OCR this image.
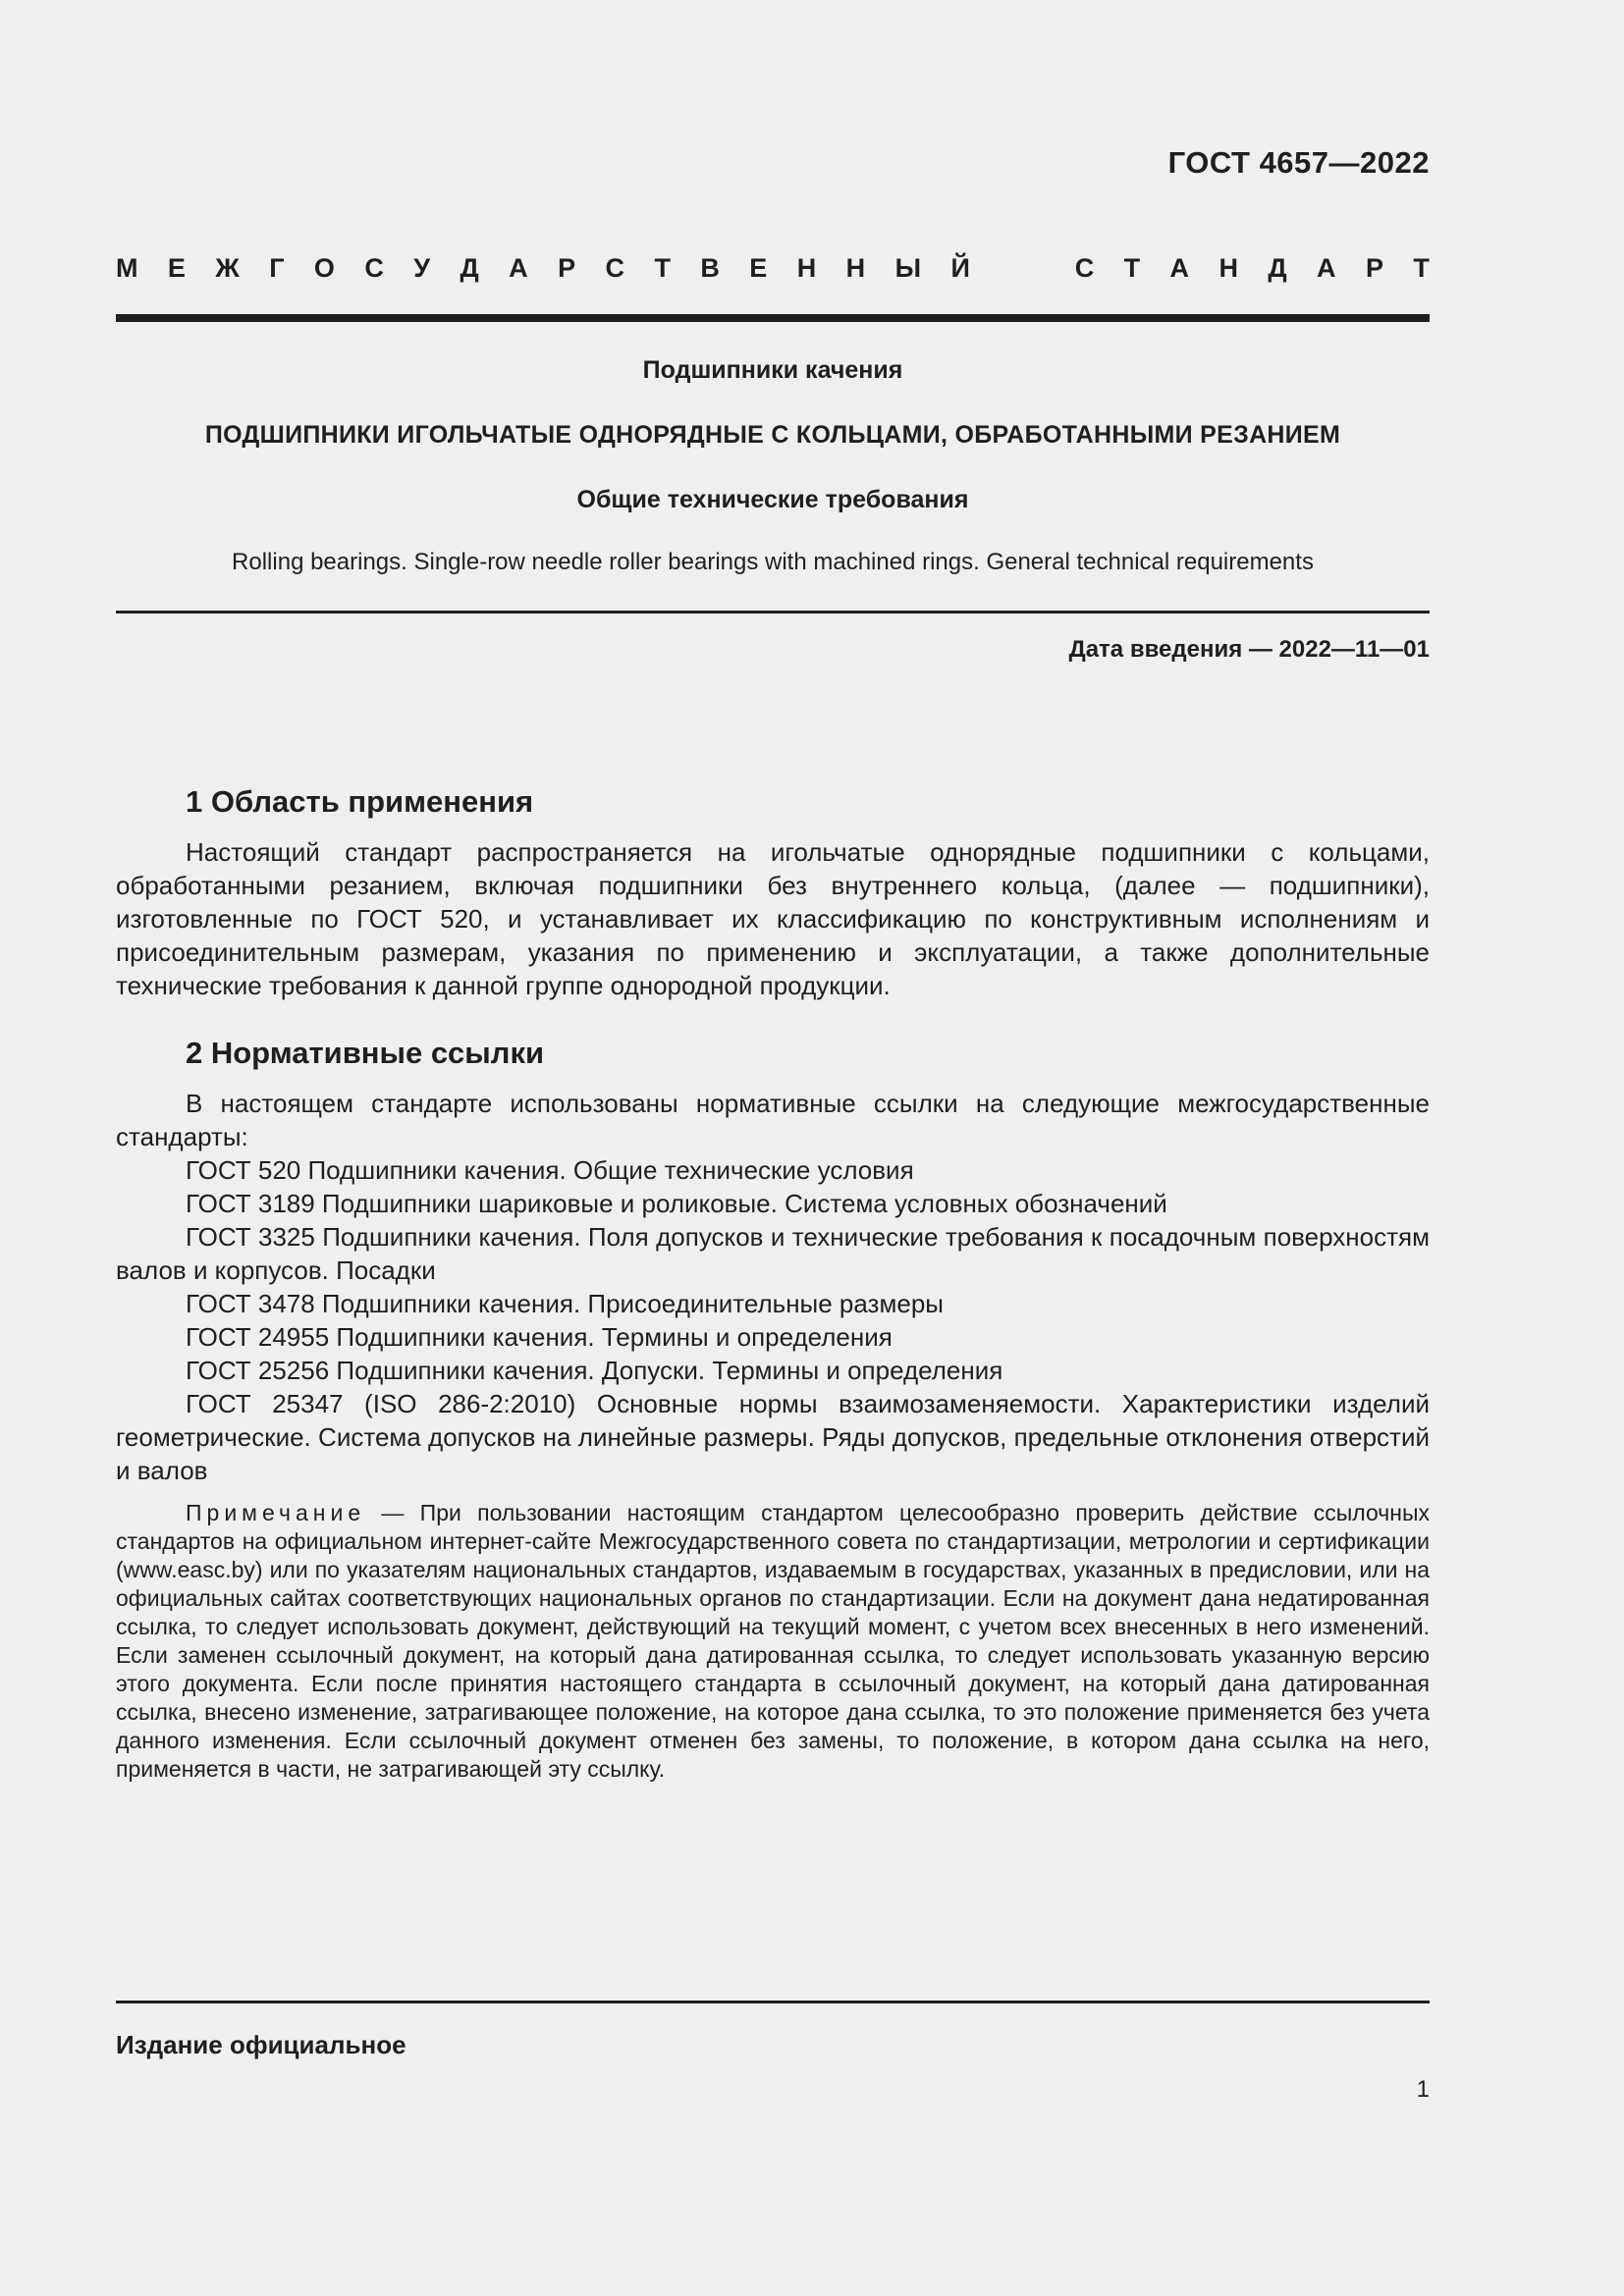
ГОСТ 4657—2022
М Е Ж Г О С У Д А Р С Т В Е Н Н Ы Й	С Т А Н Д А Р Т

Подшипники качения

ПОДШИПНИКИ ИГОЛЬЧАТЫЕ ОДНОРЯДНЫЕ С КОЛЬЦАМИ, ОБРАБОТАННЫМИ РЕЗАНИЕМ

Общие технические требования

Rolling bearings. Single-row needle roller bearings with machined rings. General technical requirements

Дата введения — 2022—11—01
1 Область применения

Настоящий стандарт распространяется на игольчатые однорядные подшипники с кольцами, обработанными резанием, включая подшипники без внутреннего кольца, (далее — подшипники), изготовленные по ГОСТ 520, и устанавливает их классификацию по конструктивным исполнениям и присоединительным размерам, указания по применению и эксплуатации, а также дополнительные технические требования к данной группе однородной продукции.

2 Нормативные ссылки

В настоящем стандарте использованы нормативные ссылки на следующие межгосударственные стандарты:

ГОСТ 520 Подшипники качения. Общие технические условия

ГОСТ 3189 Подшипники шариковые и роликовые. Система условных обозначений

ГОСТ 3325 Подшипники качения. Поля допусков и технические требования к посадочным поверхностям валов и корпусов. Посадки

ГОСТ 3478 Подшипники качения. Присоединительные размеры

ГОСТ 24955 Подшипники качения. Термины и определения

ГОСТ 25256 Подшипники качения. Допуски. Термины и определения

ГОСТ 25347 (ISO 286-2:2010) Основные нормы взаимозаменяемости. Характеристики изделий геометрические. Система допусков на линейные размеры. Ряды допусков, предельные отклонения отверстий и валов

Примечание — При пользовании настоящим стандартом целесообразно проверить действие ссылочных стандартов на официальном интернет-сайте Межгосударственного совета по стандартизации, метрологии и сертификации (www.easc.by) или по указателям национальных стандартов, издаваемым в государствах, указанных в предисловии, или на официальных сайтах соответствующих национальных органов по стандартизации. Если на документ дана недатированная ссылка, то следует использовать документ, действующий на текущий момент, с учетом всех внесенных в него изменений. Если заменен ссылочный документ, на который дана датированная ссылка, то следует использовать указанную версию этого документа. Если после принятия настоящего стандарта в ссылочный документ, на который дана датированная ссылка, внесено изменение, затрагивающее положение, на которое дана ссылка, то это положение применяется без учета данного изменения. Если ссылочный документ отменен без замены, то положение, в котором дана ссылка на него, применяется в части, не затрагивающей эту ссылку.

Издание официальное
1
